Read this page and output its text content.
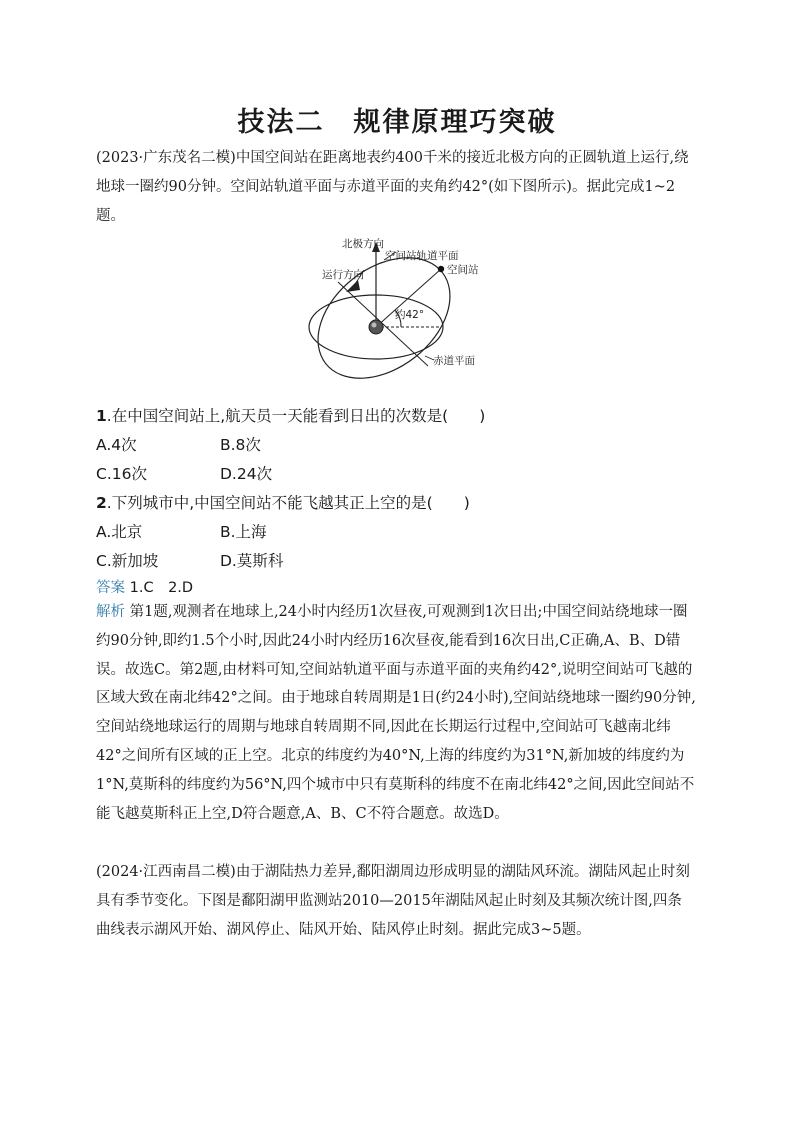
技法二　规律原理巧突破

(2023·广东茂名二模)中国空间站在距离地表约400千米的接近北极方向的正圆轨道上运行,绕地球一圈约90分钟。空间站轨道平面与赤道平面的夹角约42°(如下图所示)。据此完成1~2题。

北极方向
空间站轨道平面
运行方向	空间站
约42°
赤道平面

1.在中国空间站上,航天员一天能看到日出的次数是(　　)

A.4次	B.8次

C.16次	D.24次

2.下列城市中,中国空间站不能飞越其正上空的是(　　)

A.北京	B.上海

C.新加坡	D.莫斯科

答案 1.C　2.D

解析 第1题,观测者在地球上,24小时内经历1次昼夜,可观测到1次日出;中国空间站绕地球一圈约90分钟,即约1.5个小时,因此24小时内经历16次昼夜,能看到16次日出,C正确,A、B、D错误。故选C。第2题,由材料可知,空间站轨道平面与赤道平面的夹角约42°,说明空间站可飞越的区域大致在南北纬42°之间。由于地球自转周期是1日(约24小时),空间站绕地球一圈约90分钟,空间站绕地球运行的周期与地球自转周期不同,因此在长期运行过程中,空间站可飞越南北纬42°之间所有区域的正上空。北京的纬度约为40°N,上海的纬度约为31°N,新加坡的纬度约为1°N,莫斯科的纬度约为56°N,四个城市中只有莫斯科的纬度不在南北纬42°之间,因此空间站不能飞越莫斯科正上空,D符合题意,A、B、C不符合题意。故选D。

(2024·江西南昌二模)由于湖陆热力差异,鄱阳湖周边形成明显的湖陆风环流。湖陆风起止时刻具有季节变化。下图是鄱阳湖甲监测站2010—2015年湖陆风起止时刻及其频次统计图,四条曲线表示湖风开始、湖风停止、陆风开始、陆风停止时刻。据此完成3~5题。
